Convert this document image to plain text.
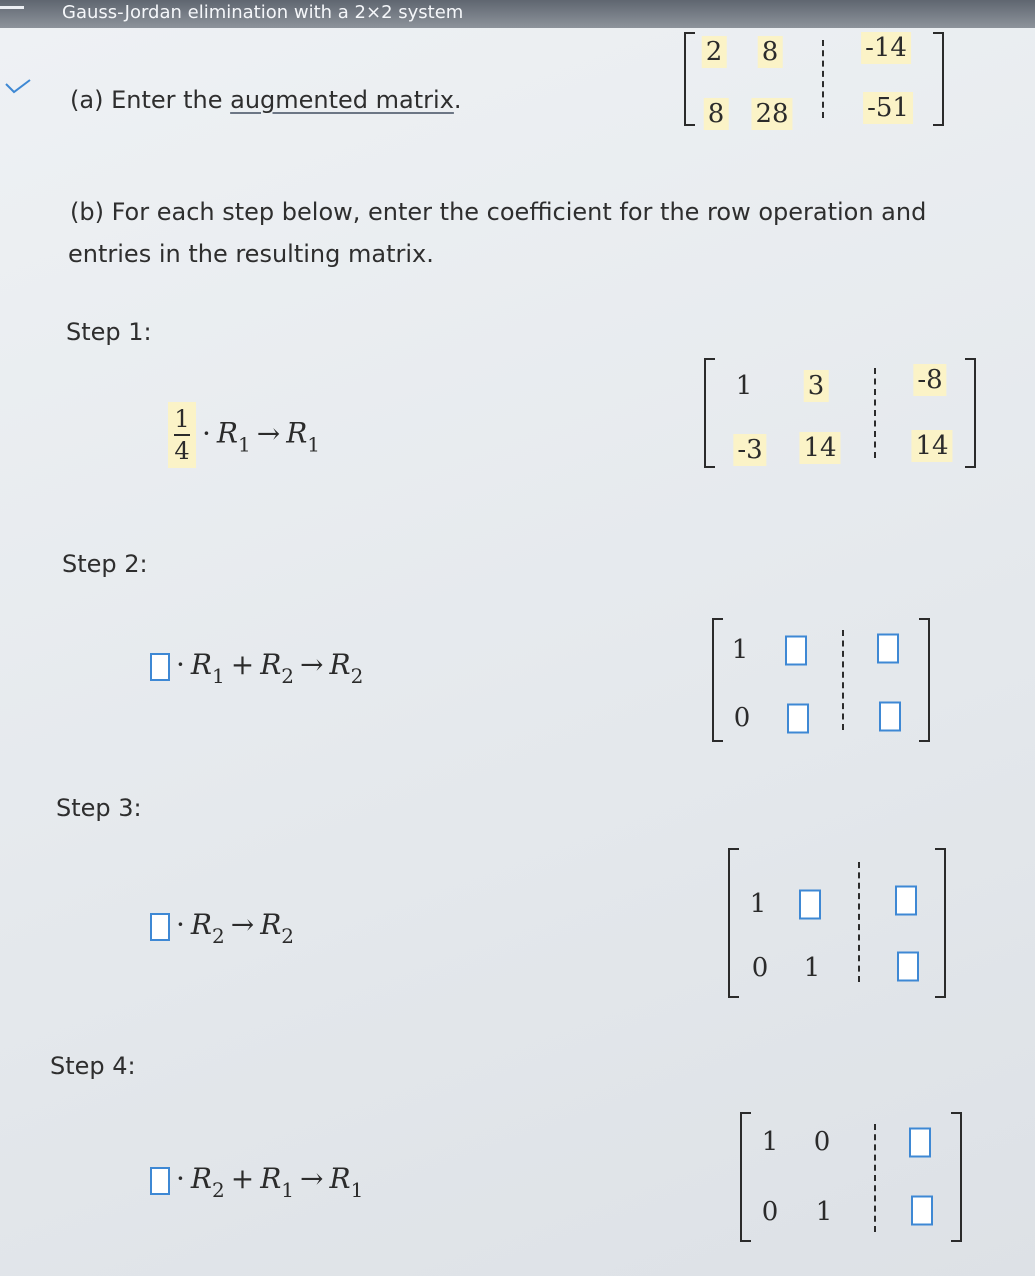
Gauss-Jordan elimination with a 2×2 system
(a) Enter the augmented matrix.
2 8	-14
8 28	-51
(b) For each step below, enter the coefficient for the row operation and
entries in the resulting matrix.
Step 1:
$\frac{1}{4} \cdot R_1 \to R_1$
1 3	-8
-3 14	14
Step 2:
· $R_1 + R_2 \to R_2$
1
0
Step 3:
· $R_2 \to R_2$
1
0 1
Step 4:
· $R_2 + R_1 \to R_1$
1 0
0 1
